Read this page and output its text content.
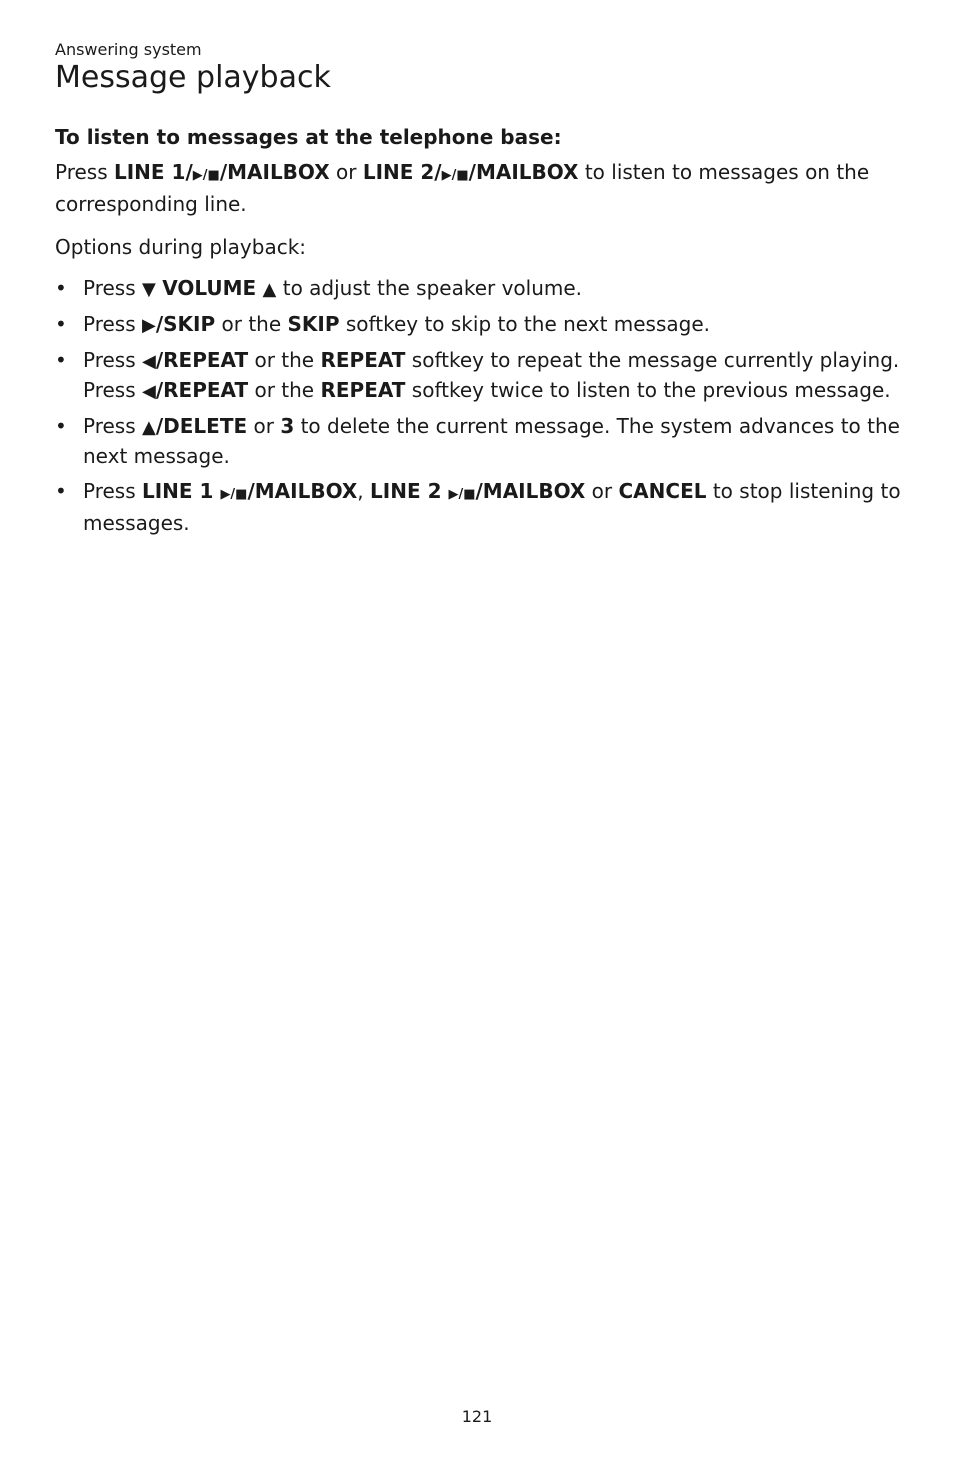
Answering system
Message playback

To listen to messages at the telephone base:

Press LINE 1/▶/■/MAILBOX or LINE 2/▶/■/MAILBOX to listen to messages on the corresponding line.

Options during playback:

• Press ▼ VOLUME ▲ to adjust the speaker volume.
• Press ▶/SKIP or the SKIP softkey to skip to the next message.
• Press ◀/REPEAT or the REPEAT softkey to repeat the message currently playing. Press ◀/REPEAT or the REPEAT softkey twice to listen to the previous message.
• Press ▲/DELETE or 3 to delete the current message. The system advances to the next message.
• Press LINE 1 ▶/■/MAILBOX, LINE 2 ▶/■/MAILBOX or CANCEL to stop listening to messages.
121
